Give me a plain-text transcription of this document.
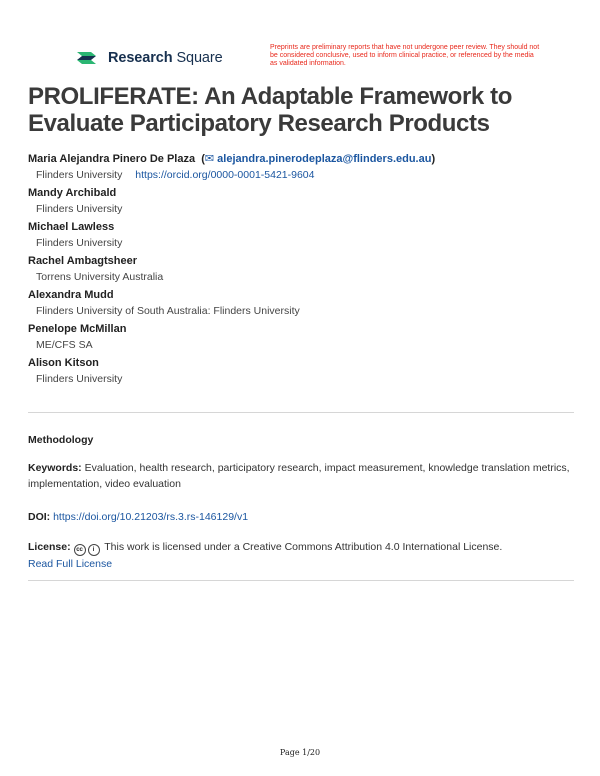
Research Square
Preprints are preliminary reports that have not undergone peer review. They should not be considered conclusive, used to inform clinical practice, or referenced by the media as validated information.
PROLIFERATE: An Adaptable Framework to Evaluate Participatory Research Products
Maria Alejandra Pinero De Plaza  (✉ alejandra.pinerodeplaza@flinders.edu.au)
Flinders University https://orcid.org/0000-0001-5421-9604
Mandy Archibald
Flinders University
Michael Lawless
Flinders University
Rachel Ambagtsheer
Torrens University Australia
Alexandra Mudd
Flinders University of South Australia: Flinders University
Penelope McMillan
ME/CFS SA
Alison Kitson
Flinders University
Methodology
Keywords: Evaluation, health research, participatory research, impact measurement, knowledge translation metrics, implementation, video evaluation
DOI: https://doi.org/10.21203/rs.3.rs-146129/v1
License: cc i This work is licensed under a Creative Commons Attribution 4.0 International License.
Read Full License
Page 1/20
